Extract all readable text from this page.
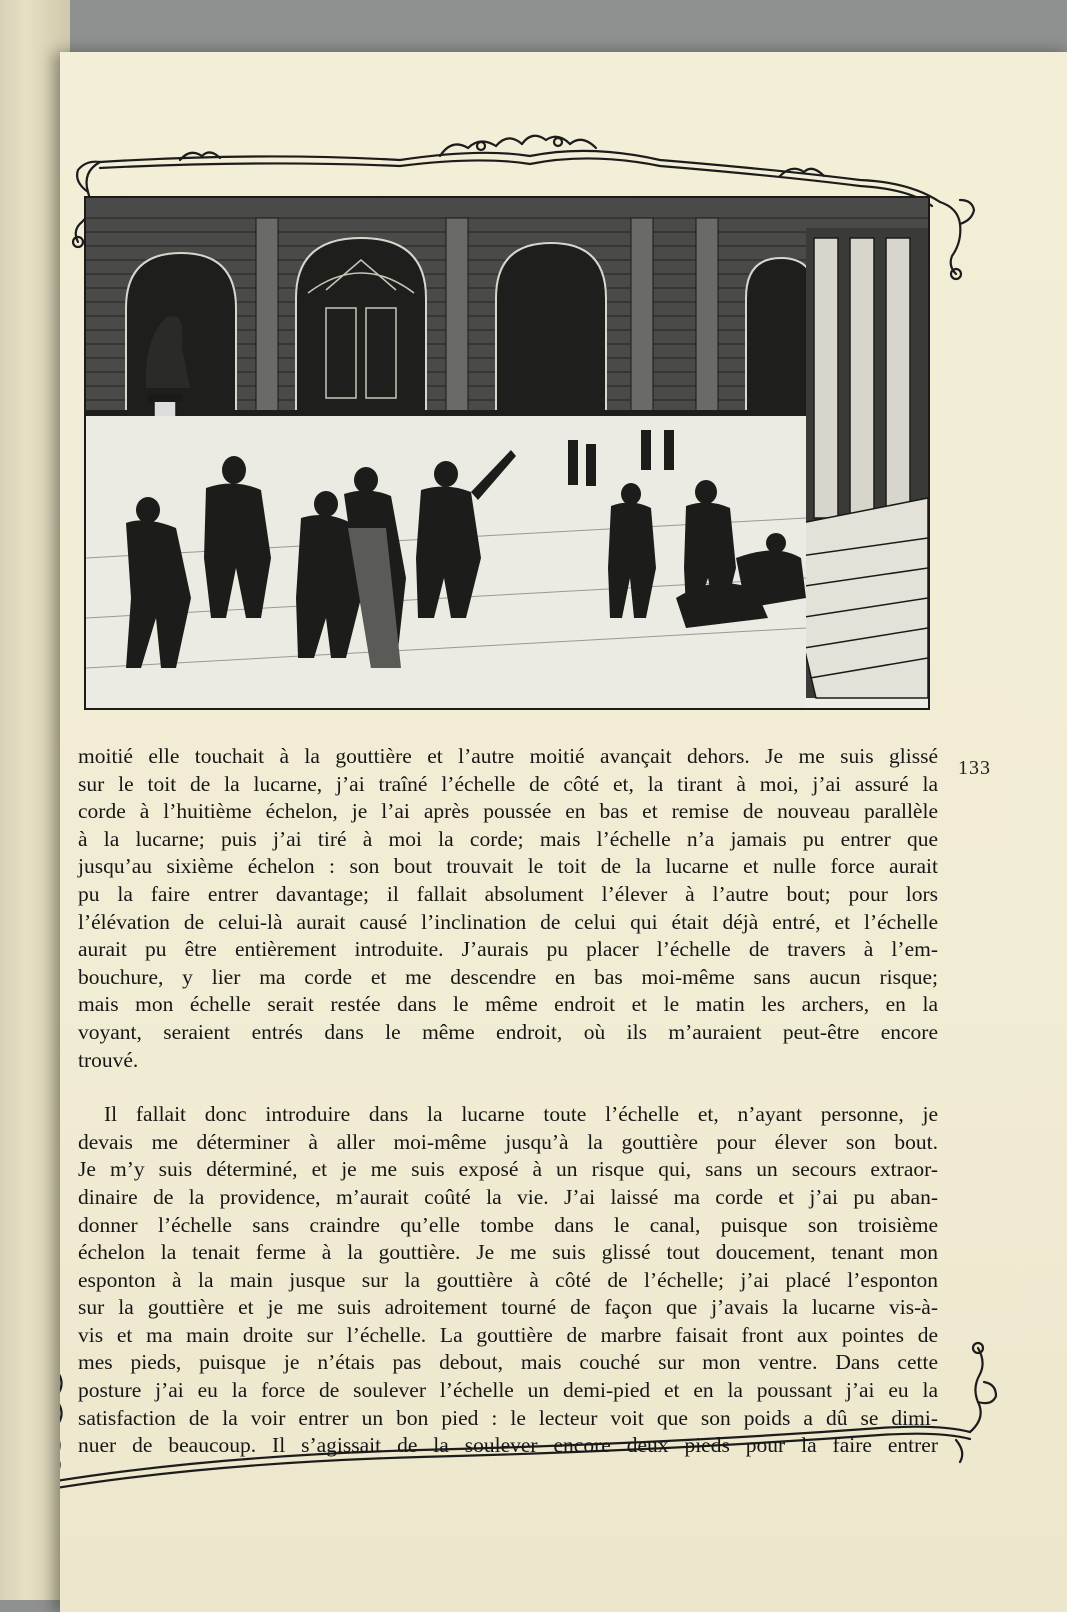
133

moitié elle touchait à la gouttière et l’autre moitié avançait dehors. Je me suis glissé
sur le toit de la lucarne, j’ai traîné l’échelle de côté et, la tirant à moi, j’ai assuré la
corde à l’huitième échelon, je l’ai après poussée en bas et remise de nouveau parallèle
à la lucarne; puis j’ai tiré à moi la corde; mais l’échelle n’a jamais pu entrer que
jusqu’au sixième échelon : son bout trouvait le toit de la lucarne et nulle force aurait
pu la faire entrer davantage; il fallait absolument l’élever à l’autre bout; pour lors
l’élévation de celui-là aurait causé l’inclination de celui qui était déjà entré, et l’échelle
aurait pu être entièrement introduite. J’aurais pu placer l’échelle de travers à l’em-
bouchure, y lier ma corde et me descendre en bas moi-même sans aucun risque;
mais mon échelle serait restée dans le même endroit et le matin les archers, en la
voyant, seraient entrés dans le même endroit, où ils m’auraient peut-être encore
trouvé.

Il fallait donc introduire dans la lucarne toute l’échelle et, n’ayant personne, je
devais me déterminer à aller moi-même jusqu’à la gouttière pour élever son bout.
Je m’y suis déterminé, et je me suis exposé à un risque qui, sans un secours extraor-
dinaire de la providence, m’aurait coûté la vie. J’ai laissé ma corde et j’ai pu aban-
donner l’échelle sans craindre qu’elle tombe dans le canal, puisque son troisième
échelon la tenait ferme à la gouttière. Je me suis glissé tout doucement, tenant mon
esponton à la main jusque sur la gouttière à côté de l’échelle; j’ai placé l’esponton
sur la gouttière et je me suis adroitement tourné de façon que j’avais la lucarne vis-à-
vis et ma main droite sur l’échelle. La gouttière de marbre faisait front aux pointes de
mes pieds, puisque je n’étais pas debout, mais couché sur mon ventre. Dans cette
posture j’ai eu la force de soulever l’échelle un demi-pied et en la poussant j’ai eu la
satisfaction de la voir entrer un bon pied : le lecteur voit que son poids a dû se dimi-
nuer de beaucoup. Il s’agissait de la soulever encore deux pieds pour la faire entrer
